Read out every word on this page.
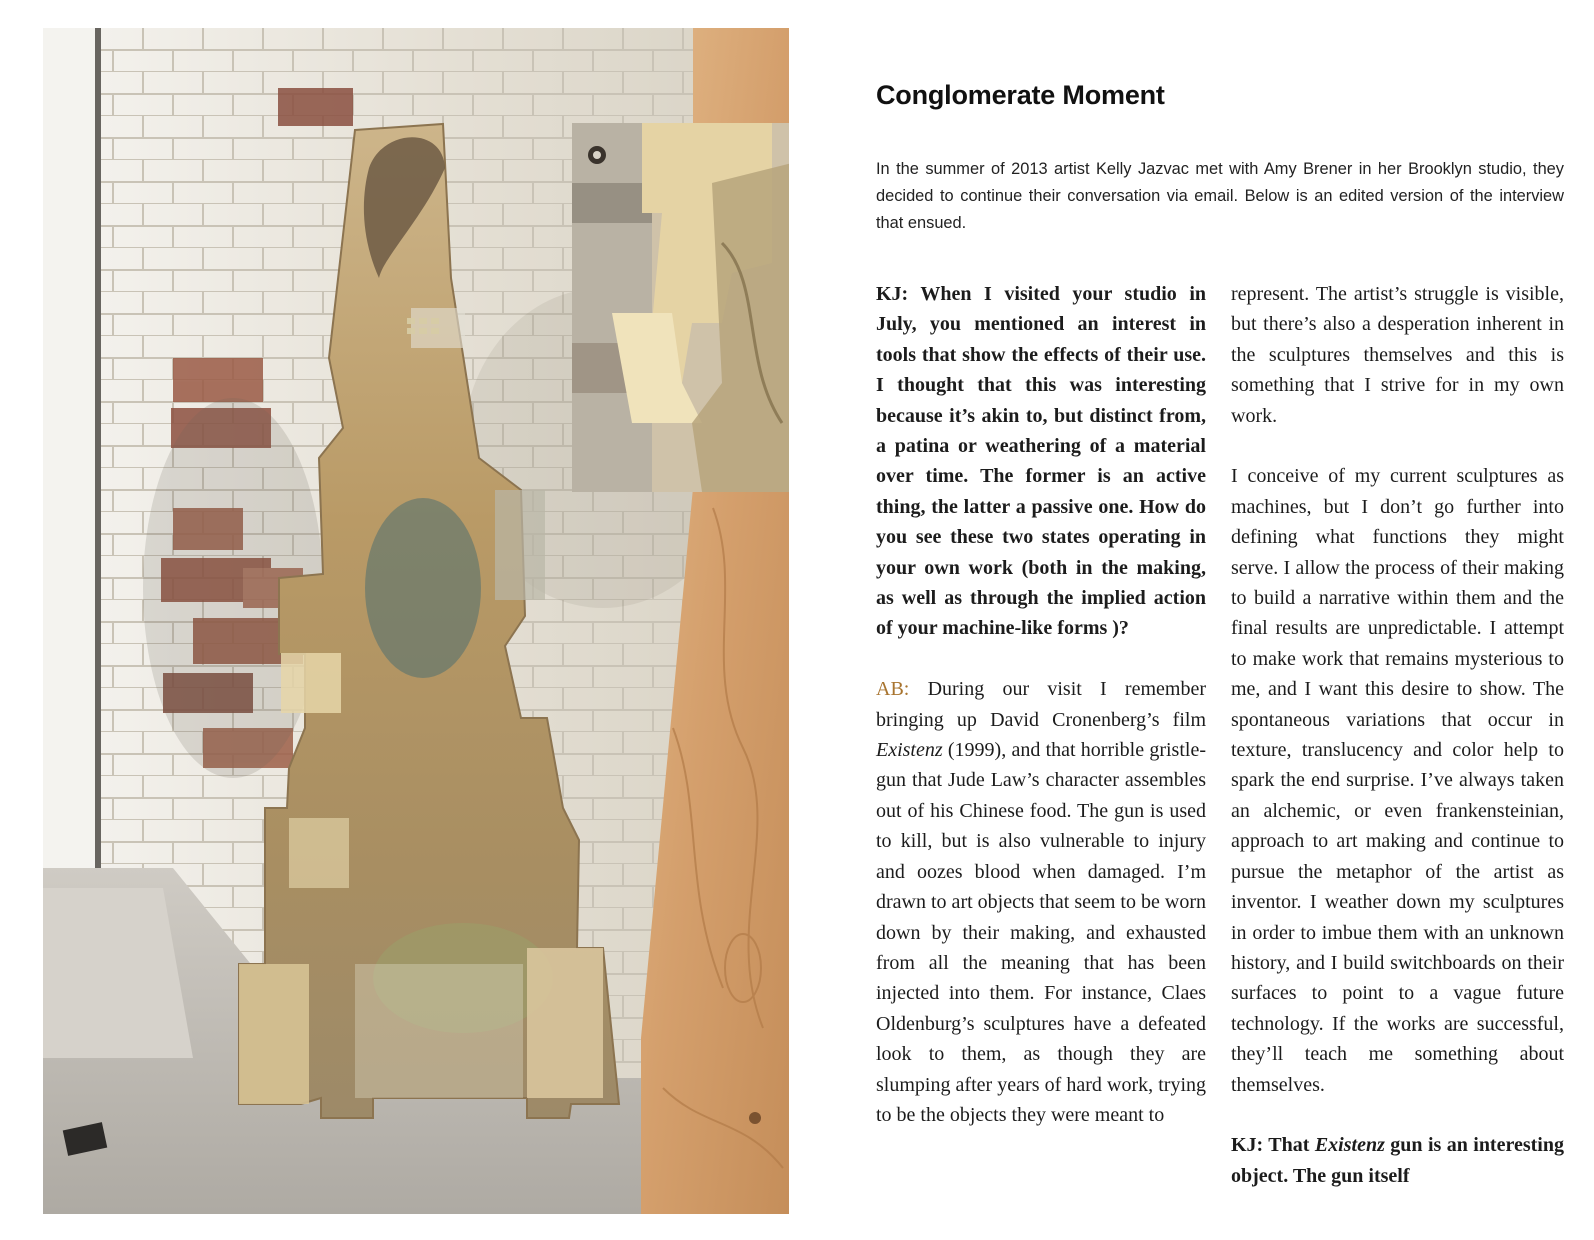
Conglomerate Moment

In the summer of 2013 artist Kelly Jazvac met with Amy Brener in her Brooklyn studio, they decided to continue their conversation via email. Below is an edited version of the interview that ensued.

KJ: When I visited your studio in July, you mentioned an interest in tools that show the effects of their use. I thought that this was interesting because it’s akin to, but distinct from, a patina or weathering of a material over time. The former is an active thing, the latter a passive one. How do you see these two states operating in your own work (both in the making, as well as through the implied action of your machine-like forms )?

AB: During our visit I remember bringing up David Cronenberg’s film Existenz (1999), and that horrible gristle-gun that Jude Law’s character assembles out of his Chinese food. The gun is used to kill, but is also vulnerable to injury and oozes blood when damaged. I’m drawn to art objects that seem to be worn down by their making, and exhausted from all the meaning that has been injected into them. For instance, Claes Oldenburg’s sculptures have a defeated look to them, as though they are slumping after years of hard work, trying to be the objects they were meant to

represent. The artist’s struggle is visible, but there’s also a desperation inherent in the sculptures themselves and this is something that I strive for in my own work.

I conceive of my current sculptures as machines, but I don’t go further into defining what functions they might serve. I allow the process of their making to build a narrative within them and the final results are unpredictable. I attempt to make work that remains mysterious to me, and I want this desire to show. The spontaneous variations that occur in texture, translucency and color help to spark the end surprise. I’ve always taken an alchemic, or even frankensteinian, approach to art making and continue to pursue the metaphor of the artist as inventor. I weather down my sculptures in order to imbue them with an unknown history, and I build switchboards on their surfaces to point to a vague future technology. If the works are successful, they’ll teach me something about themselves.

KJ: That Existenz gun is an interesting object. The gun itself
